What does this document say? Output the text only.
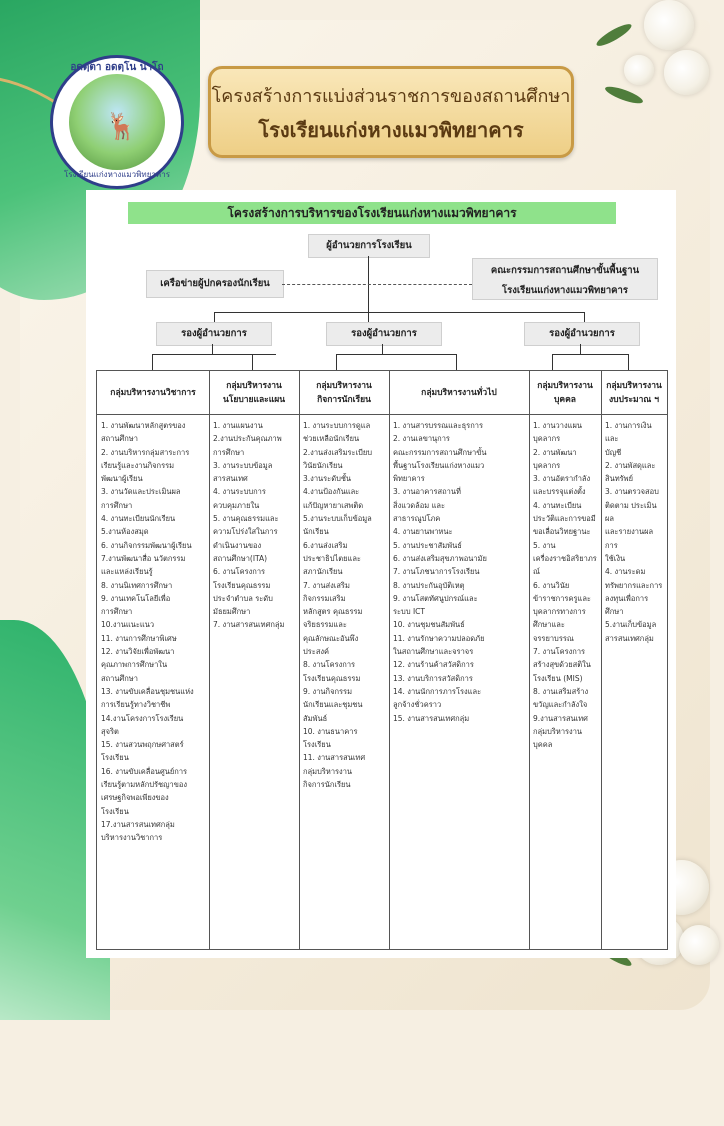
อดตฺตา อดตฺโน นาโถ
🦌
โรงเรียนแก่งหางแมวพิทยาคาร
โครงสร้างการแบ่งส่วนราชการของสถานศึกษา
โรงเรียนแก่งหางแมวพิทยาคาร
โครงสร้างการบริหารของโรงเรียนแก่งหางแมวพิทยาคาร
ผู้อำนวยการโรงเรียน
เครือข่ายผู้ปกครองนักเรียน
คณะกรรมการสถานศึกษาขั้นพื้นฐาน
โรงเรียนแก่งหางแมวพิทยาคาร
รองผู้อำนวยการ	รองผู้อำนวยการ	รองผู้อำนวยการ
กลุ่มบริหารงานวิชาการ
1. งานพัฒนาหลักสูตรของ
สถานศึกษา
2. งานบริหารกลุ่มสาระการ
เรียนรู้และงานกิจกรรม
พัฒนาผู้เรียน
3. งานวัดและประเมินผล
การศึกษา
4. งานทะเบียนนักเรียน
5.งานห้องสมุด
6. งานกิจกรรมพัฒนาผู้เรียน
7.งานพัฒนาสื่อ นวัตกรรม
และแหล่งเรียนรู้
8. งานนิเทศการศึกษา
9. งานเทคโนโลยีเพื่อ
การศึกษา
10.งานแนะแนว
11. งานการศึกษาพิเศษ
12. งานวิจัยเพื่อพัฒนา
คุณภาพการศึกษาใน
สถานศึกษา
13. งานขับเคลื่อนชุมชนแห่ง
การเรียนรู้ทางวิชาชีพ
14.งานโครงการโรงเรียน
สุจริต
15. งานสวนพฤกษศาสตร์
โรงเรียน
16. งานขับเคลื่อนศูนย์การ
เรียนรู้ตามหลักปรัชญาของ
เศรษฐกิจพอเพียงของ
โรงเรียน
17.งานสารสนเทศกลุ่ม
บริหารงานวิชาการ
กลุ่มบริหารงาน
นโยบายและแผน
1. งานแผนงาน
2.งานประกันคุณภาพ
การศึกษา
3. งานระบบข้อมูล
สารสนเทศ
4. งานระบบการ
ควบคุมภายใน
5. งานคุณธรรมและ
ความโปร่งใสในการ
ดำเนินงานของ
สถานศึกษา(ITA)
6. งานโครงการ
โรงเรียนคุณธรรม
ประจำตำบล ระดับ
มัธยมศึกษา
7. งานสารสนเทศกลุ่ม
กลุ่มบริหารงาน
กิจการนักเรียน
1. งานระบบการดูแล
ช่วยเหลือนักเรียน
2.งานส่งเสริมระเบียบ
วินัยนักเรียน
3.งานระดับชั้น
4.งานป้องกันและ
แก้ปัญหายาเสพติด
5.งานระบบเก็บข้อมูล
นักเรียน
6.งานส่งเสริม
ประชาธิปไตยและ
สภานักเรียน
7. งานส่งเสริม
กิจกรรมเสริม
หลักสูตร คุณธรรม
จริยธรรมและ
คุณลักษณะอันพึง
ประสงค์
8. งานโครงการ
โรงเรียนคุณธรรม
9. งานกิจกรรม
นักเรียนและชุมชน
สัมพันธ์
10. งานธนาคาร
โรงเรียน
11. งานสารสนเทศ
กลุ่มบริหารงาน
กิจการนักเรียน
กลุ่มบริหารงานทั่วไป
1. งานสารบรรณและธุรการ
2. งานเลขานุการ
คณะกรรมการสถานศึกษาขั้น
พื้นฐานโรงเรียนแก่งหางแมว
พิทยาคาร
3. งานอาคารสถานที่
สิ่งแวดล้อม และ
สาธารณูปโภค
4. งานยานพาหนะ
5. งานประชาสัมพันธ์
6. งานส่งเสริมสุขภาพอนามัย
7. งานโภชนาการโรงเรียน
8. งานประกันอุบัติเหตุ
9. งานโสตทัศนูปกรณ์และ
ระบบ ICT
10. งานชุมชนสัมพันธ์
11. งานรักษาความปลอดภัย
ในสถานศึกษาและจราจร
12. งานร้านค้าสวัสดิการ
13. งานบริการสวัสดิการ
14. งานนักการภารโรงและ
ลูกจ้างชั่วคราว
15. งานสารสนเทศกลุ่ม
กลุ่มบริหารงาน
บุคคล
1. งานวางแผน
บุคลากร
2. งานพัฒนา
บุคลากร
3. งานอัตรากำลัง
และบรรจุแต่งตั้ง
4. งานทะเบียน
ประวัติและการขอมี
ขอเลื่อนวิทยฐานะ
5. งาน
เครื่องราชอิสริยาภร
ณ์
6. งานวินัย
ข้าราชการครูและ
บุคลากรทางการ
ศึกษาและ
จรรยาบรรณ
7. งานโครงการ
สร้างสุขด้วยสติใน
โรงเรียน (MIS)
8. งานเสริมสร้าง
ขวัญและกำลังใจ
9.งานสารสนเทศ
กลุ่มบริหารงาน
บุคคล
กลุ่มบริหารงาน
งบประมาณ ฯ
1. งานการเงินและ
บัญชี
2. งานพัสดุและ
สินทรัพย์
3. งานตรวจสอบ
ติดตาม ประเมินผล
และรายงานผลการ
ใช้เงิน
4. งานระดม
ทรัพยากรและการ
ลงทุนเพื่อการศึกษา
5.งานเก็บข้อมูล
สารสนเทศกลุ่ม
